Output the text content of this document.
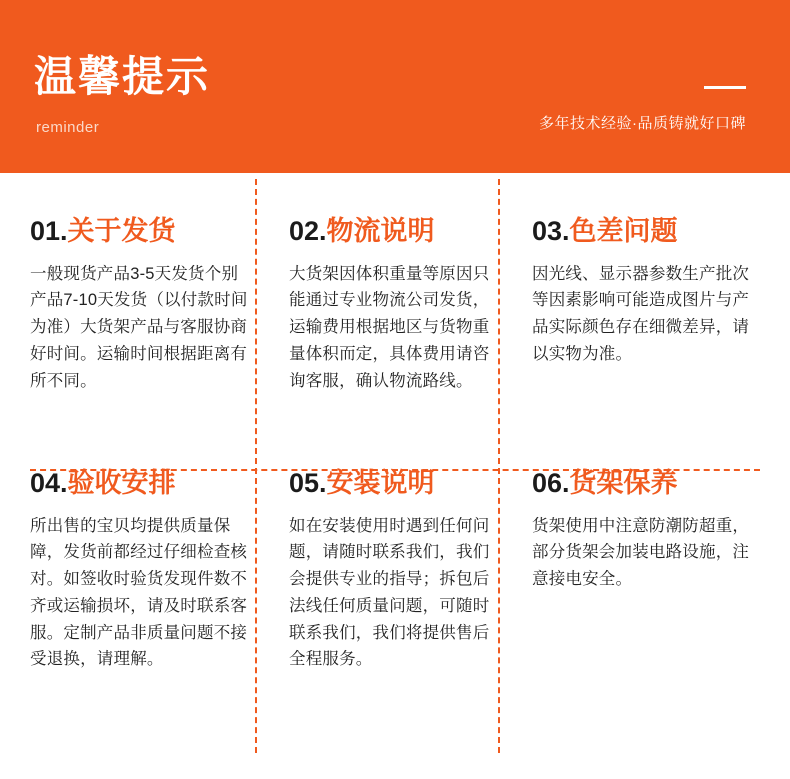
温馨提示
reminder	多年技术经验·品质铸就好口碑
01.关于发货

一般现货产品3-5天发货个别产品7-10天发货（以付款时间为准）大货架产品与客服协商好时间。运输时间根据距离有所不同。

02.物流说明

大货架因体积重量等原因只能通过专业物流公司发货，运输费用根据地区与货物重量体积而定，具体费用请咨询客服，确认物流路线。

03.色差问题

因光线、显示器参数生产批次等因素影响可能造成图片与产品实际颜色存在细微差异，请以实物为准。

04.验收安排

所出售的宝贝均提供质量保障，发货前都经过仔细检查核对。如签收时验货发现件数不齐或运输损坏，请及时联系客服。定制产品非质量问题不接受退换，请理解。

05.安装说明

如在安装使用时遇到任何问题，请随时联系我们，我们会提供专业的指导；拆包后法线任何质量问题，可随时联系我们，我们将提供售后全程服务。

06.货架保养

货架使用中注意防潮防超重，部分货架会加装电路设施，注意接电安全。
